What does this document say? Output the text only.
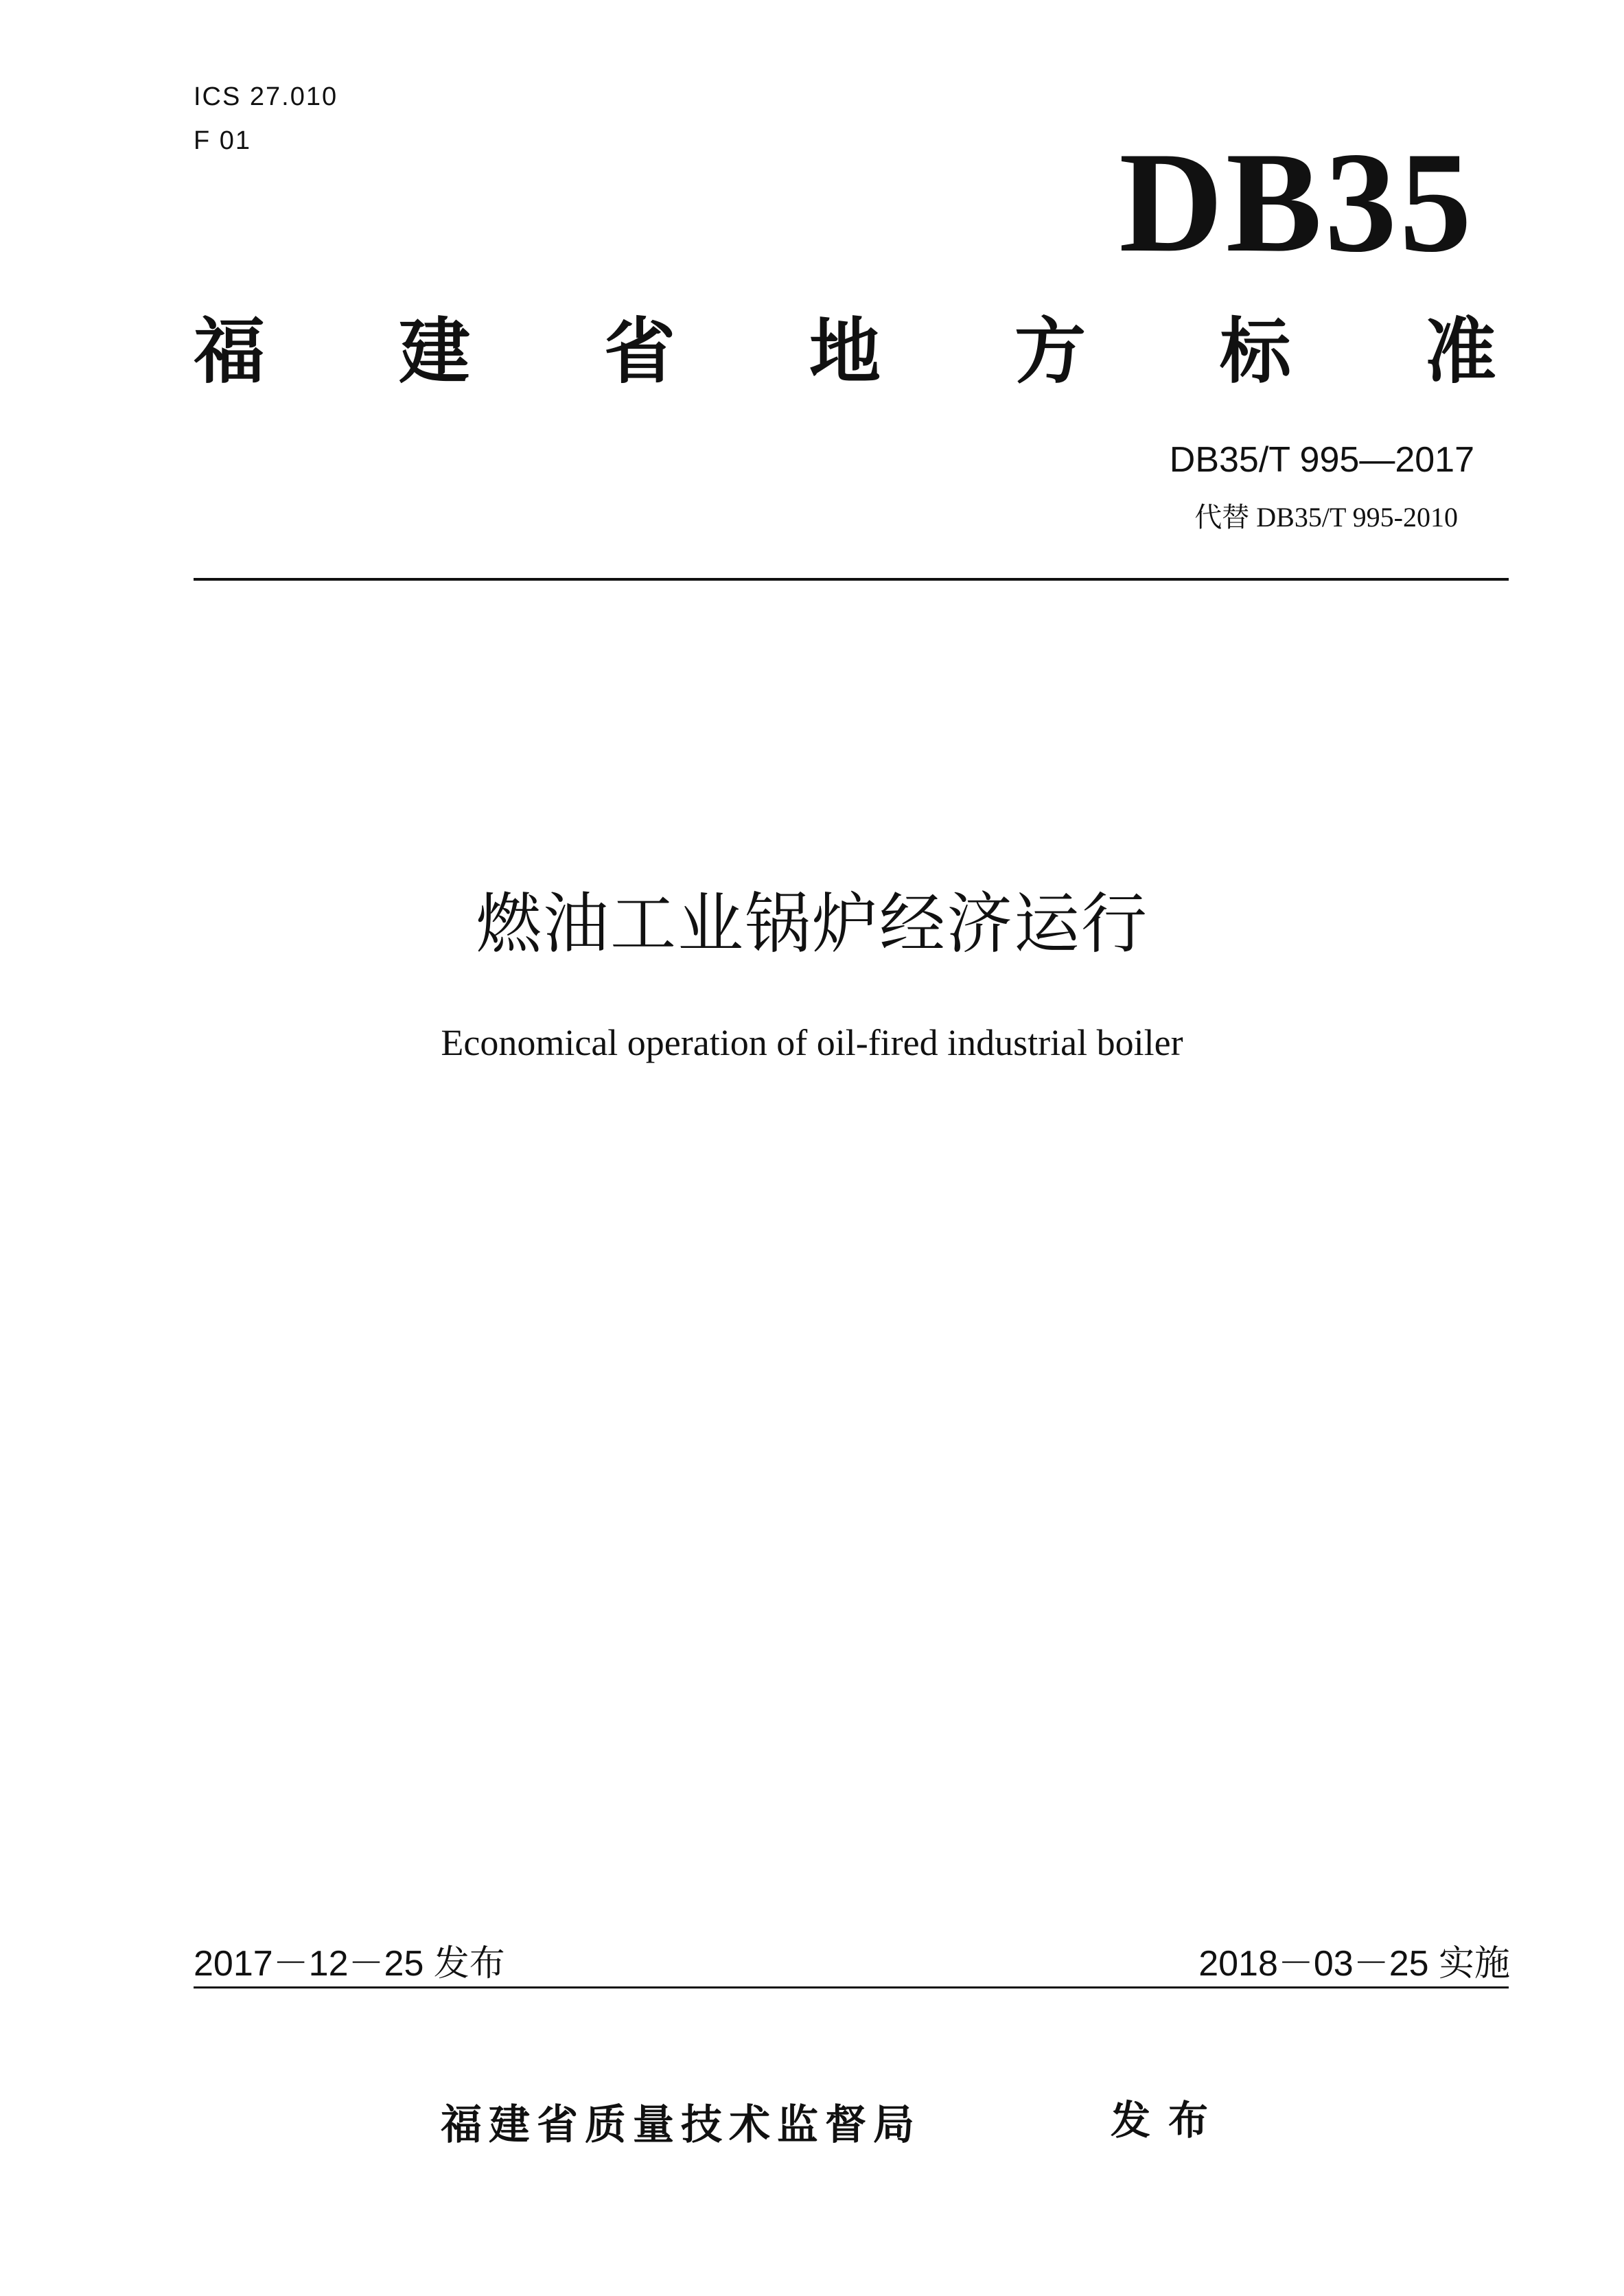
ICS 27.010
F 01	DB35
福 建 省 地 方 标 准
DB35/T 995—2017
代替 DB35/T 995-2010
燃油工业锅炉经济运行
Economical operation of oil-fired industrial boiler
2017－12－25 发布	2018－03－25 实施
福建省质量技术监督局	发布
